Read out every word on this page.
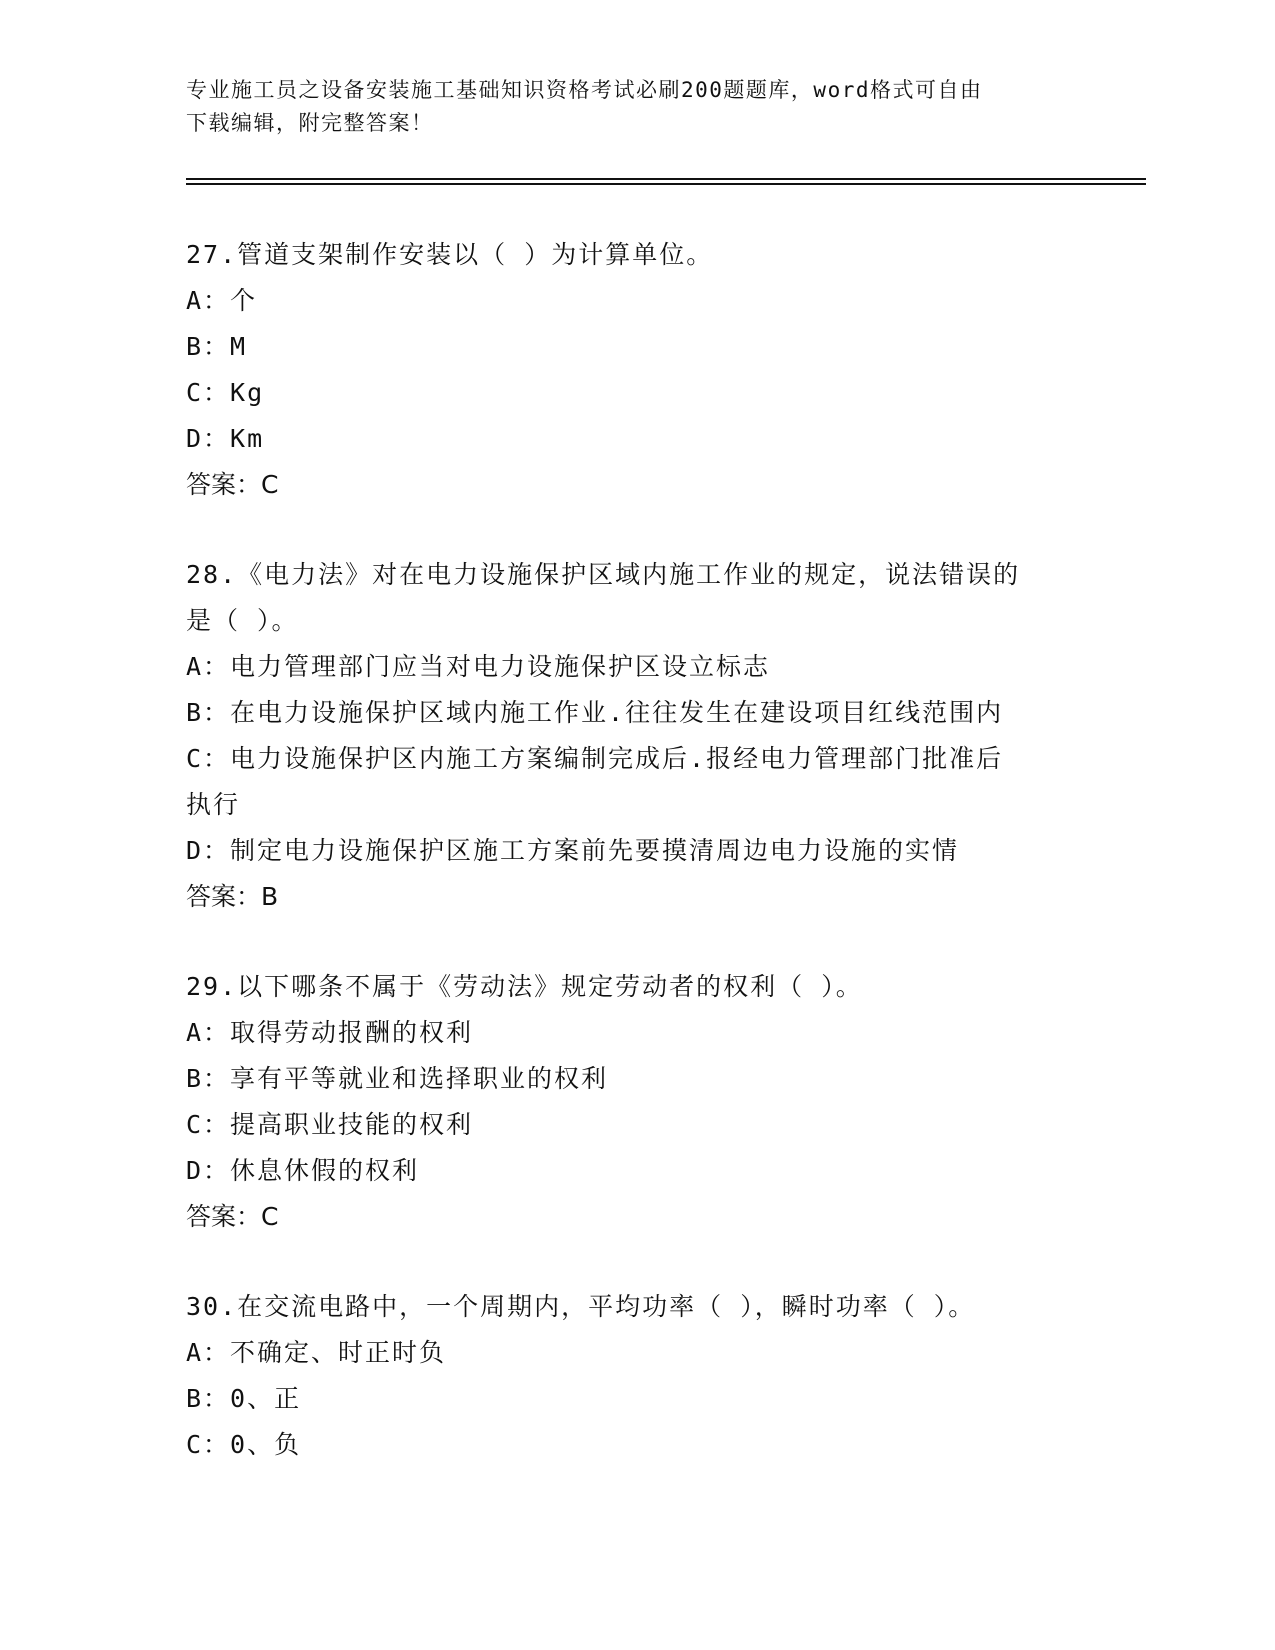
专业施工员之设备安装施工基础知识资格考试必刷200题题库，word格式可自由
下载编辑，附完整答案！

27.管道支架制作安装以（ ）为计算单位。

A：个

B：M

C：Kg

D：Km

答案：C

28.《电力法》对在电力设施保护区域内施工作业的规定，说法错误的

是（ ）。

A：电力管理部门应当对电力设施保护区设立标志

B：在电力设施保护区域内施工作业.往往发生在建设项目红线范围内

C：电力设施保护区内施工方案编制完成后.报经电力管理部门批准后

执行

D：制定电力设施保护区施工方案前先要摸清周边电力设施的实情

答案：B

29.以下哪条不属于《劳动法》规定劳动者的权利（ ）。

A：取得劳动报酬的权利

B：享有平等就业和选择职业的权利

C：提高职业技能的权利

D：休息休假的权利

答案：C

30.在交流电路中，一个周期内，平均功率（ ），瞬时功率（ ）。

A：不确定、时正时负

B：0、正

C：0、负
